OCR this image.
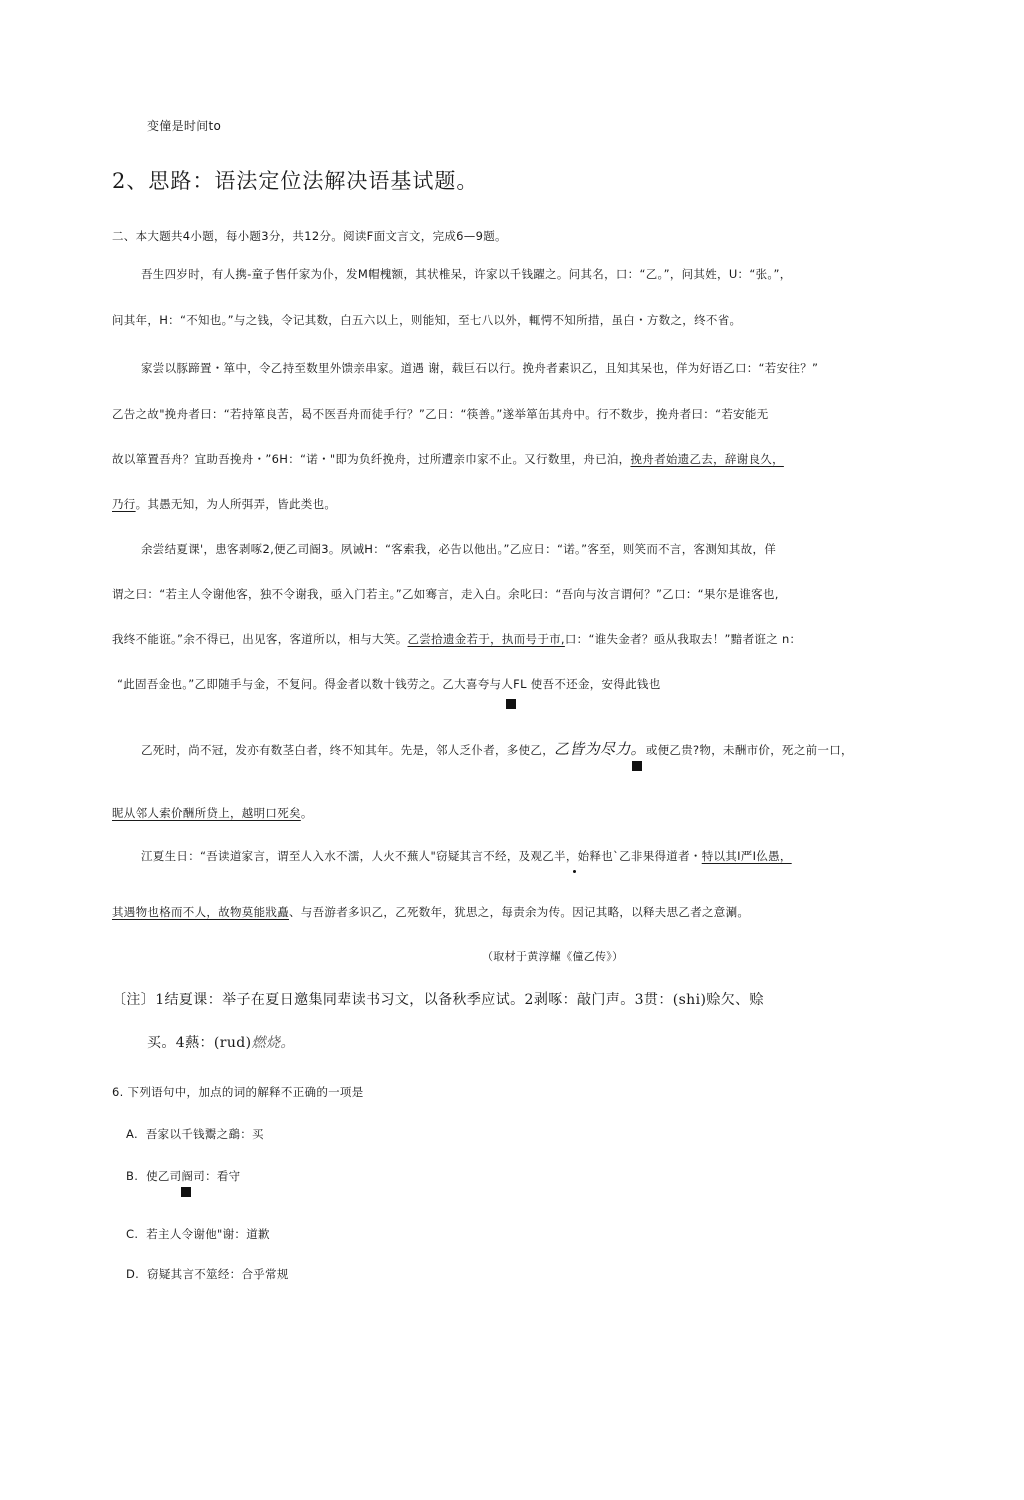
变僮是时间to
2、思路：语法定位法解决语基试题。
二、本大题共4小题，每小题3分，共12分。阅读F面文言文，完成6—9题。
吾生四岁时，有人携-童子售仟家为仆，发M帽槐额，其状椎呆，许家以千钱躍之。问其名，口：“乙。”，问其姓，U：“张。”，
问其年，H：“不知也。”与之钱，令记其数，白五六以上，则能知，至七八以外，輒愕不知所措，虽白・方数之，终不省。
家尝以豚蹄置・箪中，令乙持至数里外馈亲串家。道遇 谢，载巨石以行。挽舟者素识乙，且知其呆也，佯为好语乙口：“若安往？”
乙告之故"挽舟者曰：“若持箪良苦，曷不医吾舟而徒手行？”乙日：“筷善。”遂举箪缶其舟中。行不数步，挽舟者曰：“若安能无
故以箪置吾舟？宜助吾挽舟・”6H：“诺・"即为负纤挽舟，过所遭亲巾家不止。又行数里，舟已泊，挽舟者始遗乙去，辞谢良久，
乃行。其愚无知，为人所弭弄，皆此类也。
余尝结夏课'，患客剥啄2,便乙司阍3。夙诫H：“客索我，必告以他出。”乙应日：“诺。”客至，则笑而不言，客测知其故，佯
谓之曰：“若主人令谢他客，独不令谢我，亟入门若主。”乙如骞言，走入白。余叱曰：“吾向与汝言谓何？”乙口：“果尔是谁客也,
我终不能诳。”余不得已，出见客，客道所以，相与大笑。乙尝拾遗金若于，执而号于市,口：“谁失金者？亟从我取去！”黯者诳之 n：
“此固吾金也。”乙即随手与金，不复问。得金者以数十钱劳之。乙大喜夸与人FL 使吾不还金，安得此钱也
乙死时，尚不冠，发亦有数茎白者，终不知其年。先是，邻人乏仆者，多使乙，乙皆为尽力。或便乙贵?物，未酬市价，死之前一口，
昵从邻人索价酬所贷上，越明口死矣。
江夏生日：“吾读道家言，谓至人入水不濡，人火不蕪人"窃疑其言不经，及观乙半，始释也`乙非果得道者・特以其I严I仫愚，
其遇物也格而不人，故物莫能戕矗、与吾游者多识乙，乙死数年，犹思之，每责余为传。因记其略，以释夫思乙者之意涮。
（取材于黄淳耀《僮乙传》）
〔注〕1结夏课：举子在夏日邀集同辈读书习文，以备秋季应试。2剥啄：敲门声。3贯：(shi)赊欠、赊
买。4爇：(rud)燃烧。
6. 下列语句中，加点的词的解释不正确的一项是
A. 吾家以千钱鬻之鷂：买
B. 使乙司阍司：看守
C. 若主人令谢他"谢：道歉
D. 窃疑其言不筮经：合乎常规
